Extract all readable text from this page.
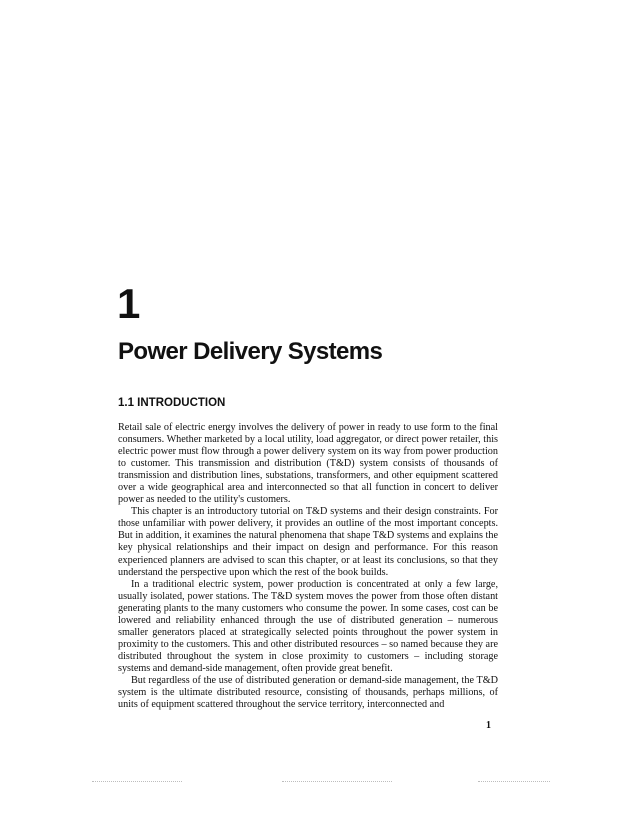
1
Power Delivery Systems
1.1 INTRODUCTION

Retail sale of electric energy involves the delivery of power in ready to use form to the final consumers. Whether marketed by a local utility, load aggregator, or direct power retailer, this electric power must flow through a power delivery system on its way from power production to customer. This transmission and distribution (T&D) system consists of thousands of transmission and distribution lines, substations, transformers, and other equipment scattered over a wide geographical area and interconnected so that all function in concert to deliver power as needed to the utility's customers.

This chapter is an introductory tutorial on T&D systems and their design constraints. For those unfamiliar with power delivery, it provides an outline of the most important concepts. But in addition, it examines the natural phenomena that shape T&D systems and explains the key physical relationships and their impact on design and performance. For this reason experienced planners are advised to scan this chapter, or at least its conclusions, so that they understand the perspective upon which the rest of the book builds.

In a traditional electric system, power production is concentrated at only a few large, usually isolated, power stations. The T&D system moves the power from those often distant generating plants to the many customers who consume the power. In some cases, cost can be lowered and reliability enhanced through the use of distributed generation – numerous smaller generators placed at strategically selected points throughout the power system in proximity to the customers. This and other distributed resources – so named because they are distributed throughout the system in close proximity to customers – including storage systems and demand-side management, often provide great benefit.

But regardless of the use of distributed generation or demand-side management, the T&D system is the ultimate distributed resource, consisting of thousands, perhaps millions, of units of equipment scattered throughout the service territory, interconnected and

1
